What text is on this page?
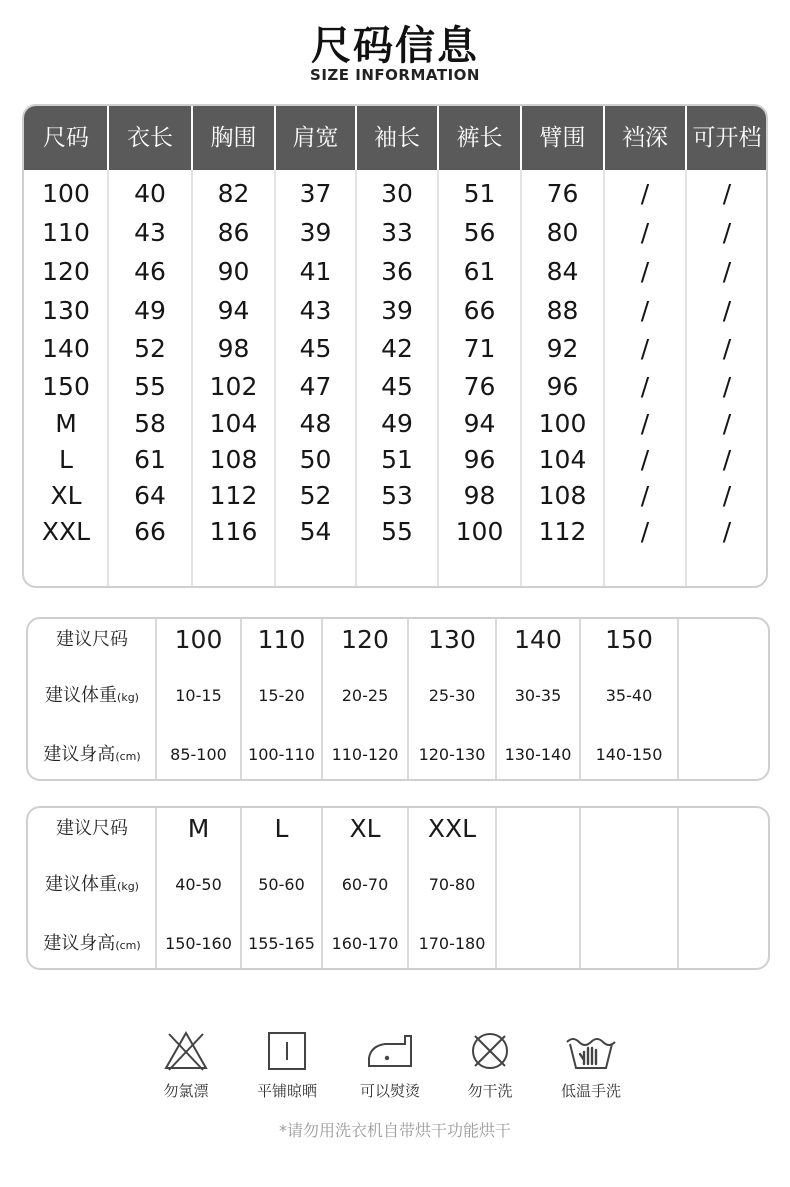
尺码信息
SIZE INFORMATION
尺码	衣长	胸围	肩宽	袖长	裤长	臂围	裆深	可开档
100	40	82	37	30	51	76	/	/
110	43	86	39	33	56	80	/	/
120	46	90	41	36	61	84	/	/
130	49	94	43	39	66	88	/	/
140	52	98	45	42	71	92	/	/
150	55	102	47	45	76	96	/	/
M	58	104	48	49	94	100	/	/
L	61	108	50	51	96	104	/	/
XL	64	112	52	53	98	108	/	/
XXL	66	116	54	55	100	112	/	/
建议尺码	100	110	120	130	140	150
建议体重(kg)	10-15	15-20	20-25	25-30	30-35	35-40
建议身高(cm)	85-100	100-110	110-120	120-130	130-140	140-150
建议尺码	M	L	XL	XXL
建议体重(kg)	40-50	50-60	60-70	70-80
建议身高(cm)	150-160	155-165	160-170	170-180
勿氯漂	平铺晾晒	可以熨烫	勿干洗	低温手洗
*请勿用洗衣机自带烘干功能烘干
